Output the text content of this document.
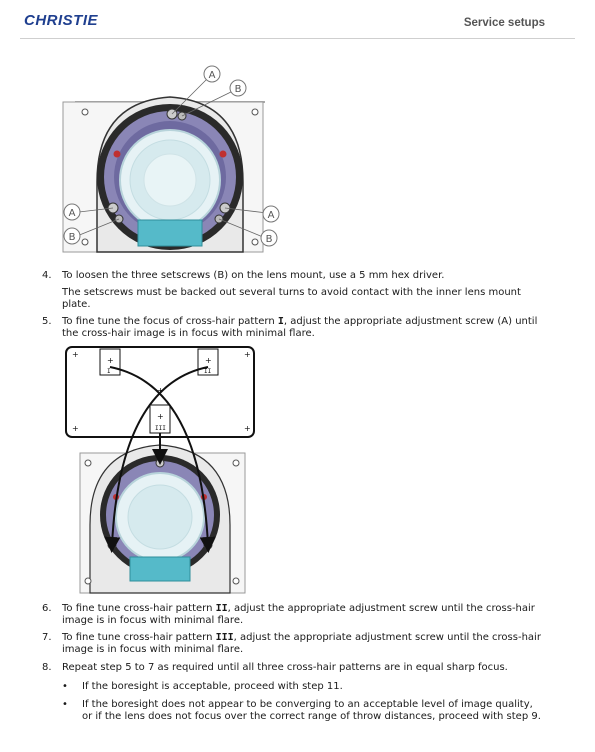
CHRISTIE	Service setups
A
B
A
B
A
B
4. To loosen the three setscrews (B) on the lens mount, use a 5 mm hex driver.
The setscrews must be backed out several turns to avoid contact with the inner lens mount plate.
5. To fine tune the focus of cross-hair pattern I, adjust the appropriate adjustment screw (A) until the cross-hair image is in focus with minimal flare.
+	+
+	+
+
+
I
+
II
+
III
6. To fine tune cross-hair pattern II, adjust the appropriate adjustment screw until the cross-hair image is in focus with minimal flare.
7. To fine tune cross-hair pattern III, adjust the appropriate adjustment screw until the cross-hair image is in focus with minimal flare.
8. Repeat step 5 to 7 as required until all three cross-hair patterns are in equal sharp focus.
• If the boresight is acceptable, proceed with step 11.
• If the boresight does not appear to be converging to an acceptable level of image quality, or if the lens does not focus over the correct range of throw distances, proceed with step 9.
